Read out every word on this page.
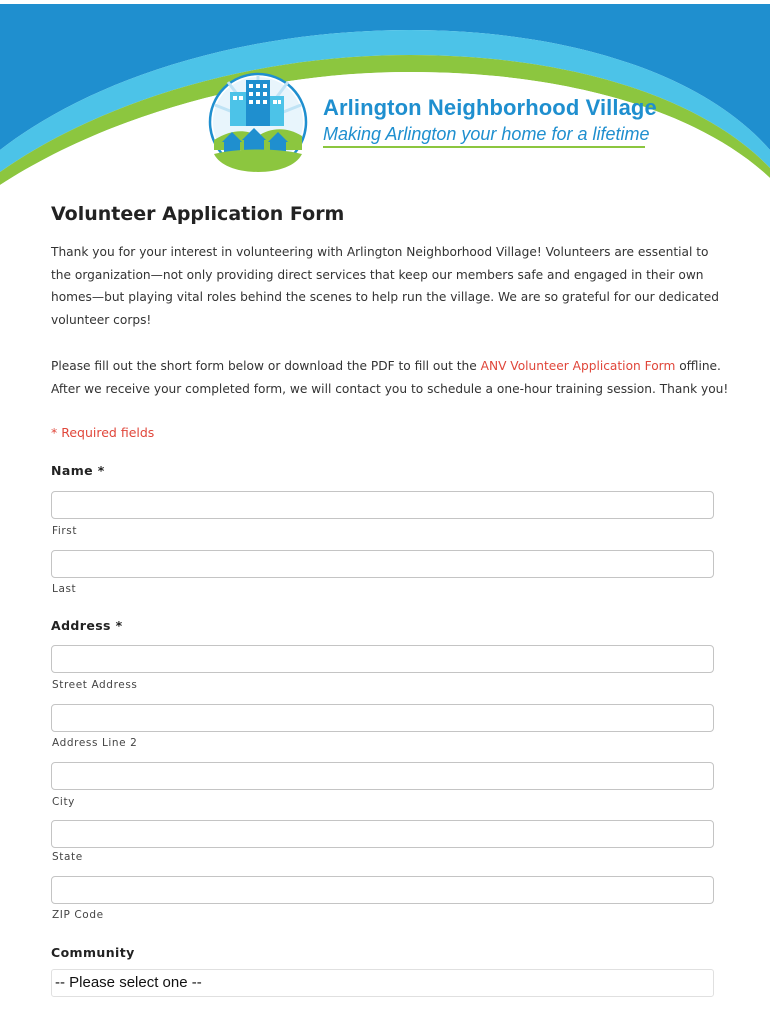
Arlington Neighborhood Village
Making Arlington your home for a lifetime
Volunteer Application Form

Thank you for your interest in volunteering with Arlington Neighborhood Village! Volunteers are essential to the organization—not only providing direct services that keep our members safe and engaged in their own homes—but playing vital roles behind the scenes to help run the village. We are so grateful for our dedicated volunteer corps!

Please fill out the short form below or download the PDF to fill out the ANV Volunteer Application Form offline. After we receive your completed form, we will contact you to schedule a one-hour training session. Thank you!

* Required fields
Name *
First
Last
Address *
Street Address
Address Line 2
City
State
ZIP Code
Community
-- Please select one --
